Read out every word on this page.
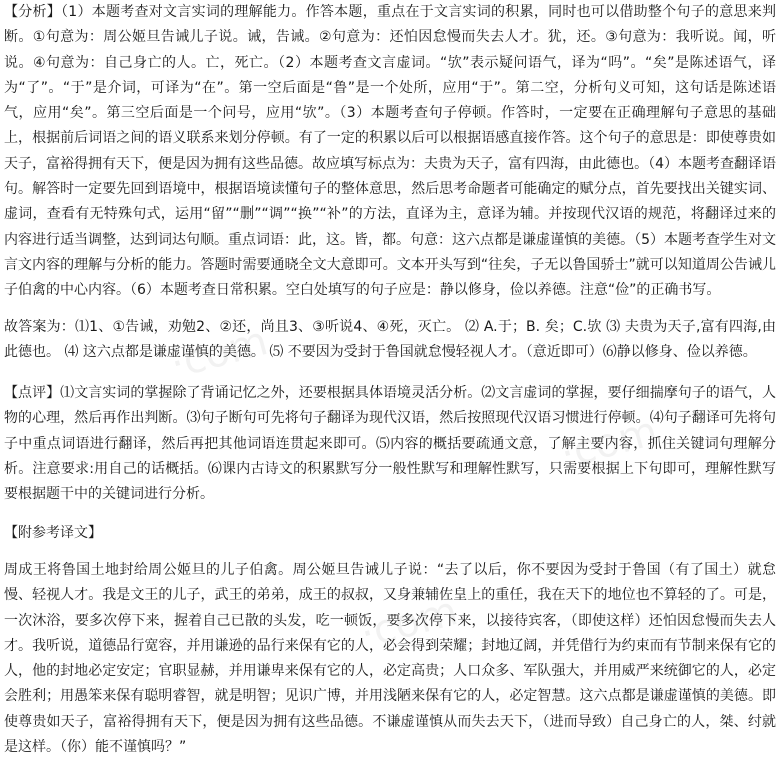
【分析】（1）本题考查对文言实词的理解能力。作答本题，重点在于文言实词的积累，同时也可以借助整个句子的意思来判断。①句意为：周公姬旦告诫儿子说。诫，告诫。②句意为：还怕因怠慢而失去人才。犹，还。③句意为：我听说。闻，听说。④句意为：自己身亡的人。亡，死亡。（2）本题考查文言虚词。“欤”表示疑问语气，译为“吗”。“矣”是陈述语气，译为“了”。“于”是介词，可译为“在”。第一空后面是“鲁”是一个处所，应用“于”。第二空，分析句义可知，这句话是陈述语气，应用“矣”。第三空后面是一个问号，应用“欤”。（3）本题考查句子停顿。作答时，一定要在正确理解句子意思的基础上，根据前后词语之间的语义联系来划分停顿。有了一定的积累以后可以根据语感直接作答。这个句子的意思是：即使尊贵如天子，富裕得拥有天下，便是因为拥有这些品德。故应填写标点为：夫贵为天子，富有四海，由此德也。（4）本题考查翻译语句。解答时一定要先回到语境中，根据语境读懂句子的整体意思，然后思考命题者可能确定的赋分点，首先要找出关键实词、虚词，查看有无特殊句式，运用“留”“删”“调”“换”“补”的方法，直译为主，意译为辅。并按现代汉语的规范，将翻译过来的内容进行适当调整，达到词达句顺。重点词语：此，这。皆，都。句意：这六点都是谦虚谨慎的美德。（5）本题考查学生对文言文内容的理解与分析的能力。答题时需要通晓全文大意即可。文本开头写到“往矣，子无以鲁国骄士”就可以知道周公告诫儿子伯禽的中心内容。（6）本题考查日常积累。空白处填写的句子应是：静以修身，俭以养德。注意“俭”的正确书写。

故答案为：⑴1、①告诫，劝勉2、②还，尚且3、③听说4、④死，灭亡。 ⑵ A.于；B. 矣；C.欤 ⑶ 夫贵为天子,富有四海,由此德也。 ⑷ 这六点都是谦虚谨慎的美德。 ⑸ 不要因为受封于鲁国就怠慢轻视人才。（意近即可）⑹静以修身、俭以养德。

【点评】⑴文言实词的掌握除了背诵记忆之外，还要根据具体语境灵活分析。⑵文言虚词的掌握，要仔细揣摩句子的语气，人物的心理，然后再作出判断。⑶句子断句可先将句子翻译为现代汉语，然后按照现代汉语习惯进行停顿。⑷句子翻译可先将句子中重点词语进行翻译，然后再把其他词语连贯起来即可。⑸内容的概括要疏通文意，了解主要内容，抓住关键词句理解分析。注意要求:用自己的话概括。⑹课内古诗文的积累默写分一般性默写和理解性默写，只需要根据上下句即可，理解性默写要根据题干中的关键词进行分析。

【附参考译文】

周成王将鲁国土地封给周公姬旦的儿子伯禽。周公姬旦告诫儿子说：“去了以后，你不要因为受封于鲁国（有了国土）就怠慢、轻视人才。我是文王的儿子，武王的弟弟，成王的叔叔，又身兼辅佐皇上的重任，我在天下的地位也不算轻的了。可是，一次沐浴，要多次停下来，握着自己已散的头发，吃一顿饭，要多次停下来，以接待宾客，（即使这样）还怕因怠慢而失去人才。我听说，道德品行宽容，并用谦逊的品行来保有它的人，必会得到荣耀；封地辽阔，并凭借行为约束而有节制来保有它的人，他的封地必定安定；官职显赫，并用谦卑来保有它的人，必定高贵；人口众多、军队强大，并用威严来统御它的人，必定会胜利；用愚笨来保有聪明睿智，就是明智；见识广博，并用浅陋来保有它的人，必定智慧。这六点都是谦虚谨慎的美德。即使尊贵如天子，富裕得拥有天下，便是因为拥有这些品德。不谦虚谨慎从而失去天下，（进而导致）自己身亡的人，桀、纣就是这样。（你）能不谨慎吗？”

·com
·com
·com
